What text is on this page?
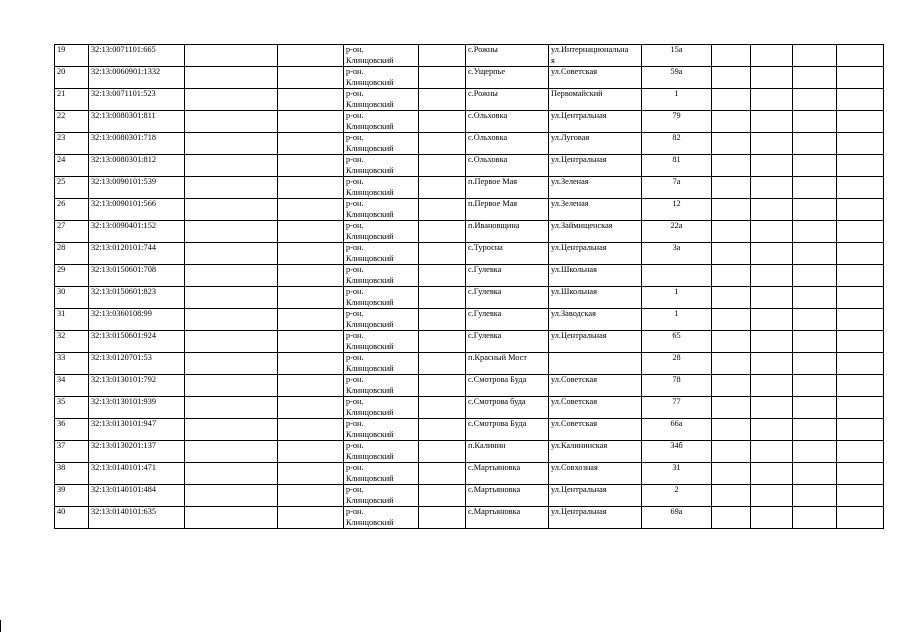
19	32:13:0071101:665			р-он.
Клинцовский		с.Рожны	ул.Интернациональна
я	15а				
20	32:13:0060901:1332			р-он.
Клинцовский		с.Ущерпье	ул.Советская	59а				
21	32:13:0071101:523			р-он.
Клинцовский		с.Рожны	Первомайский	1				
22	32:13:0080301:811			р-он.
Клинцовский		с.Ольховка	ул.Центральная	79				
23	32:13:0080301:718			р-он.
Клинцовский		с.Ольховка	ул.Луговая	82				
24	32:13:0080301:812			р-он.
Клинцовский		с.Ольховка	ул.Центральная	81				
25	32:13:0090101:539			р-он.
Клинцовский		п.Первое Мая	ул.Зеленая	7а				
26	32:13:0090101:566			р-он.
Клинцовский		п.Первое Мая	ул.Зеленая	12				
27	32:13:0090401:152			р-он.
Клинцовский		п.Ивановщина	ул.Займищенская	22а				
28	32:13:0120101:744			р-он.
Клинцовский		с.Туросна	ул.Центральная	3а				
29	32:13:0150601:708			р-он.
Клинцовский		с.Гулевка	ул.Школьная					

30	32:13:0150601:823			р-он.
Клинцовский		с.Гулевка	ул.Школьная	1				
31	32:13:0360108:99			р-он.
Клинцовский		с.Гулевка	ул.Заводская	1				
32	32:13:0150601:924			р-он.
Клинцовский		с.Гулевка	ул.Центральная	65				
33	32:13:0120701:53			р-он.
Клинцовский		п.Красный Мост		28				
34	32:13:0130101:792			р-он.
Клинцовский		с.Смотрова Буда	ул.Советская	78				
35	32:13:0130101:939			р-он.
Клинцовский		с.Смотрова буда	ул.Советская	77				
36	32:13:0130101:947			р-он.
Клинцовский		с.Смотрова Буда	ул.Советская	66а				
37	32:13:0130201:137			р-он.
Клинцовский		п.Калинин	ул.Калининская	34б				
38	32:13:0140101:471			р-он.
Клинцовский		с.Мартьяновка	ул.Совхозная	31				
39	32:13:0140101:484			р-он.
Клинцовский		с.Мартьяновка	ул.Центральная	2				
40	32:13:0140101:635			р-он.
Клинцовский		с.Мартьяновка	ул.Центральная	69а				
